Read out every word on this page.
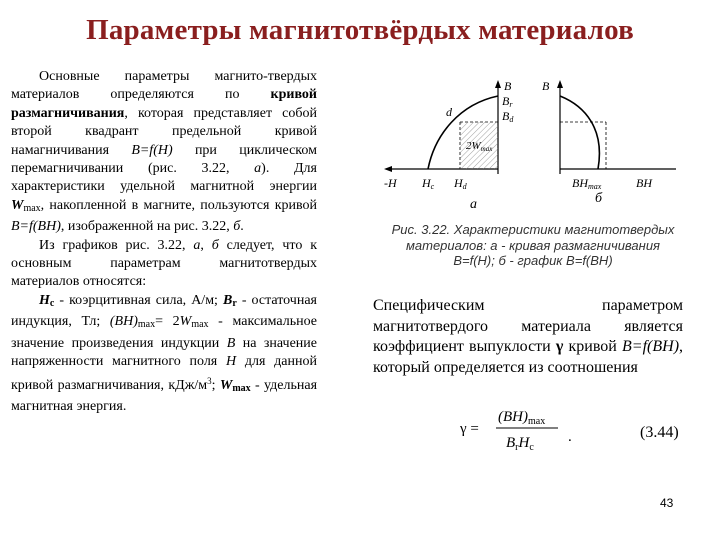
Параметры магнитотвёрдых материалов

Основные параметры магнито-твердых материалов определяются по кривой размагничивания, которая представляет собой второй квадрант предельной кривой намагничивания B=f(H) при циклическом перемагничивании (рис. 3.22, а). Для характеристики удельной магнитной энергии $W_{max}$, накопленной в магните, пользуются кривой B=f(BH), изображенной на рис. 3.22, б.

Из графиков рис. 3.22, а, б следует, что к основным параметрам магнитотвердых материалов относятся:

$H_с$ - коэрцитивная сила, А/м; $B_r$ - остаточная индукция, Тл; $(BH)_{max}= 2W_{max}$ - максимальное значение произведения индукции B на значение напряженности магнитного поля H для данной кривой размагничивания, кДж/$м^3$; $W_{max}$ - удельная магнитная энергия.

B
Br
Bd
d
2Wmax
-H Hc Hd
а
B
BHmax	BH
б
Рис. 3.22. Характеристики магнитотвердых
материалов: а - кривая размагничивания
B=f(H); б - график B=f(BH)

Специфическим параметром магнитотвердого материала является коэффициент выпуклости γ кривой B=f(BH), который определяется из соотношения

γ =
$(BH)_{max}$
$B_rH_c$
.	(3.44)
43
